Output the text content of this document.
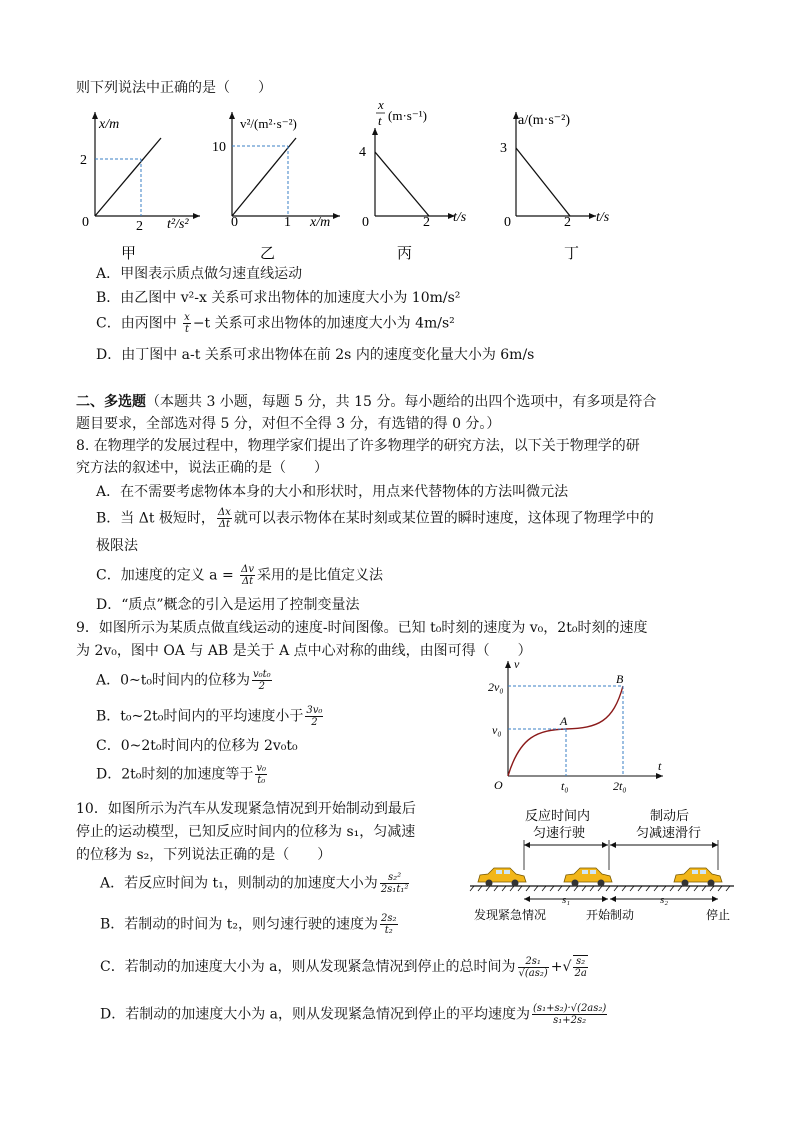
则下列说法中正确的是（　　）
x/m
2
0	2 t²/s²
甲
v²/(m²·s⁻²)
10
0	1 x/m
乙
x
t (m·s⁻¹)
4
0	2 t/s
丙
a/(m·s⁻²)
3
0	2 t/s
丁
A．甲图表示质点做匀速直线运动
B．由乙图中 v²-x 关系可求出物体的加速度大小为 10m/s²
C．由丙图中 $\frac{x}{t} -t$ 关系可求出物体的加速度大小为 4m/s²
D．由丁图中 a-t 关系可求出物体在前 2s 内的速度变化量大小为 6m/s
二、多选题（本题共 3 小题，每题 5 分，共 15 分。每小题给的出四个选项中，有多项是符合
题目要求，全部选对得 5 分，对但不全得 3 分，有选错的得 0 分。）
8. 在物理学的发展过程中，物理学家们提出了许多物理学的研究方法，以下关于物理学的研
究方法的叙述中，说法正确的是（　　）
A．在不需要考虑物体本身的大小和形状时，用点来代替物体的方法叫微元法
B．当 Δt 极短时， $\frac{\Delta x}{\Delta t}$ 就可以表示物体在某时刻或某位置的瞬时速度，这体现了物理学中的
极限法
C．加速度的定义 $a = \frac{\Delta v}{\Delta t}$ 采用的是比值定义法
D．“质点”概念的引入是运用了控制变量法
9．如图所示为某质点做直线运动的速度-时间图像。已知 t₀时刻的速度为 v₀，2t₀时刻的速度
为 2v₀，图中 OA 与 AB 是关于 A 点中心对称的曲线，由图可得（　　）
A．0~t₀时间内的位移为 $\frac{\text{v₀t₀}}{2}$
B．t₀~2t₀时间内的平均速度小于 $\frac{\text{3v₀}}{2}$
C．0~2t₀时间内的位移为 2v₀t₀
D．2t₀时刻的加速度等于 $\frac{\text{v₀}}{\text{t₀}}$
v
t
O
2v₀
v₀
t₀	2t₀
A
B
10．如图所示为汽车从发现紧急情况到开始制动到最后
停止的运动模型，已知反应时间内的位移为 s₁，匀减速
的位移为 s₂，下列说法正确的是（　　）
A．若反应时间为 t₁，则制动的加速度大小为 $\frac{\text{s₂²}}{\text{2s₁t₁²}}$
B．若制动的时间为 t₂，则匀速行驶的速度为 $\frac{\text{2s₂}}{\text{t₂}}$
C．若制动的加速度大小为 a，则从发现紧急情况到停止的总时间为 $\frac{\text{2s₁}}{\text{√(as₂)}}$ +√ $\frac{\text{s₂}}{2a}$
D．若制动的加速度大小为 a，则从发现紧急情况到停止的平均速度为 $\frac{\text{(s₁+s₂)·√(2as₂)}}{\text{s₁+2s₂}}$
反应时间内
匀速行驶
制动后
匀减速滑行
s₁	s₂
发现紧急情况	开始制动	停止
